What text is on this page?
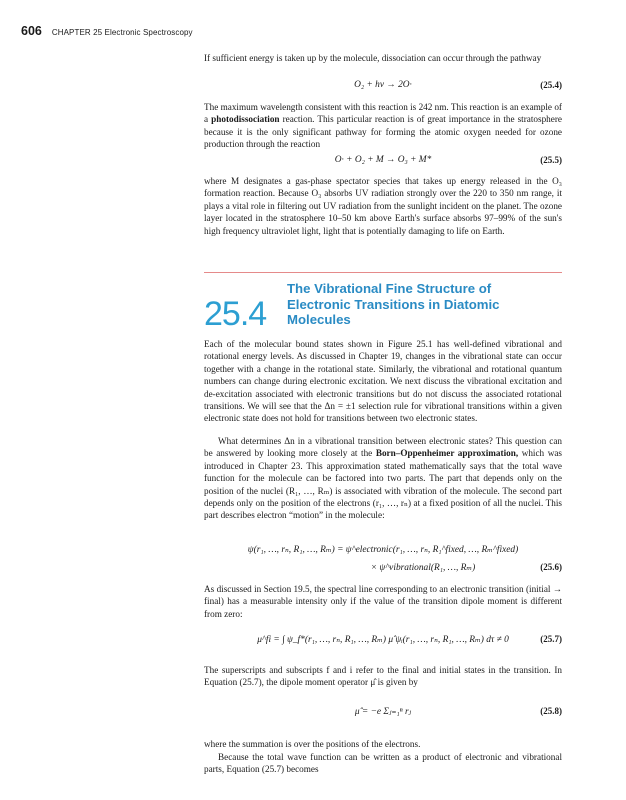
606 CHAPTER 25 Electronic Spectroscopy
If sufficient energy is taken up by the molecule, dissociation can occur through the pathway
O₂ + hν → 2O·	(25.4)
The maximum wavelength consistent with this reaction is 242 nm. This reaction is an example of a photodissociation reaction. This particular reaction is of great importance in the stratosphere because it is the only significant pathway for forming the atomic oxygen needed for ozone production through the reaction
O· + O₂ + M → O₃ + M*	(25.5)
where M designates a gas-phase spectator species that takes up energy released in the O₃ formation reaction. Because O₃ absorbs UV radiation strongly over the 220 to 350 nm range, it plays a vital role in filtering out UV radiation from the sunlight incident on the planet. The ozone layer located in the stratosphere 10–50 km above Earth's surface absorbs 97–99% of the sun's high frequency ultraviolet light, light that is potentially damaging to life on Earth.
25.4
The Vibrational Fine Structure of Electronic Transitions in Diatomic Molecules
Each of the molecular bound states shown in Figure 25.1 has well-defined vibrational and rotational energy levels. As discussed in Chapter 19, changes in the vibrational state can occur together with a change in the rotational state. Similarly, the vibrational and rotational quantum numbers can change during electronic excitation. We next discuss the vibrational excitation and de-excitation associated with electronic transitions but do not discuss the associated rotational transitions. We will see that the Δn = ±1 selection rule for vibrational transitions within a given electronic state does not hold for transitions between two electronic states.
What determines Δn in a vibrational transition between electronic states? This question can be answered by looking more closely at the Born–Oppenheimer approximation, which was introduced in Chapter 23. This approximation stated mathematically says that the total wave function for the molecule can be factored into two parts. The part that depends only on the position of the nuclei (R₁, …, Rₘ) is associated with vibration of the molecule. The second part depends only on the position of the electrons (r₁, …, rₙ) at a fixed position of all the nuclei. This part describes electron “motion” in the molecule:
ψ(r₁, …, rₙ, R₁, …, Rₘ) = ψ^electronic(r₁, …, rₙ, R₁^fixed, …, Rₘ^fixed)
× ψ^vibrational(R₁, …, Rₘ)	(25.6)
As discussed in Section 19.5, the spectral line corresponding to an electronic transition (initial → final) has a measurable intensity only if the value of the transition dipole moment is different from zero:
μ^fi = ∫ ψ_f*(r₁, …, rₙ, R₁, …, Rₘ) μ̂ ψᵢ(r₁, …, rₙ, R₁, …, Rₘ) dτ ≠ 0	(25.7)
The superscripts and subscripts f and i refer to the final and initial states in the transition. In Equation (25.7), the dipole moment operator μ̂ is given by
μ̂ = −e Σⱼ₌₁ⁿ rⱼ	(25.8)
where the summation is over the positions of the electrons.
Because the total wave function can be written as a product of electronic and vibrational parts, Equation (25.7) becomes
